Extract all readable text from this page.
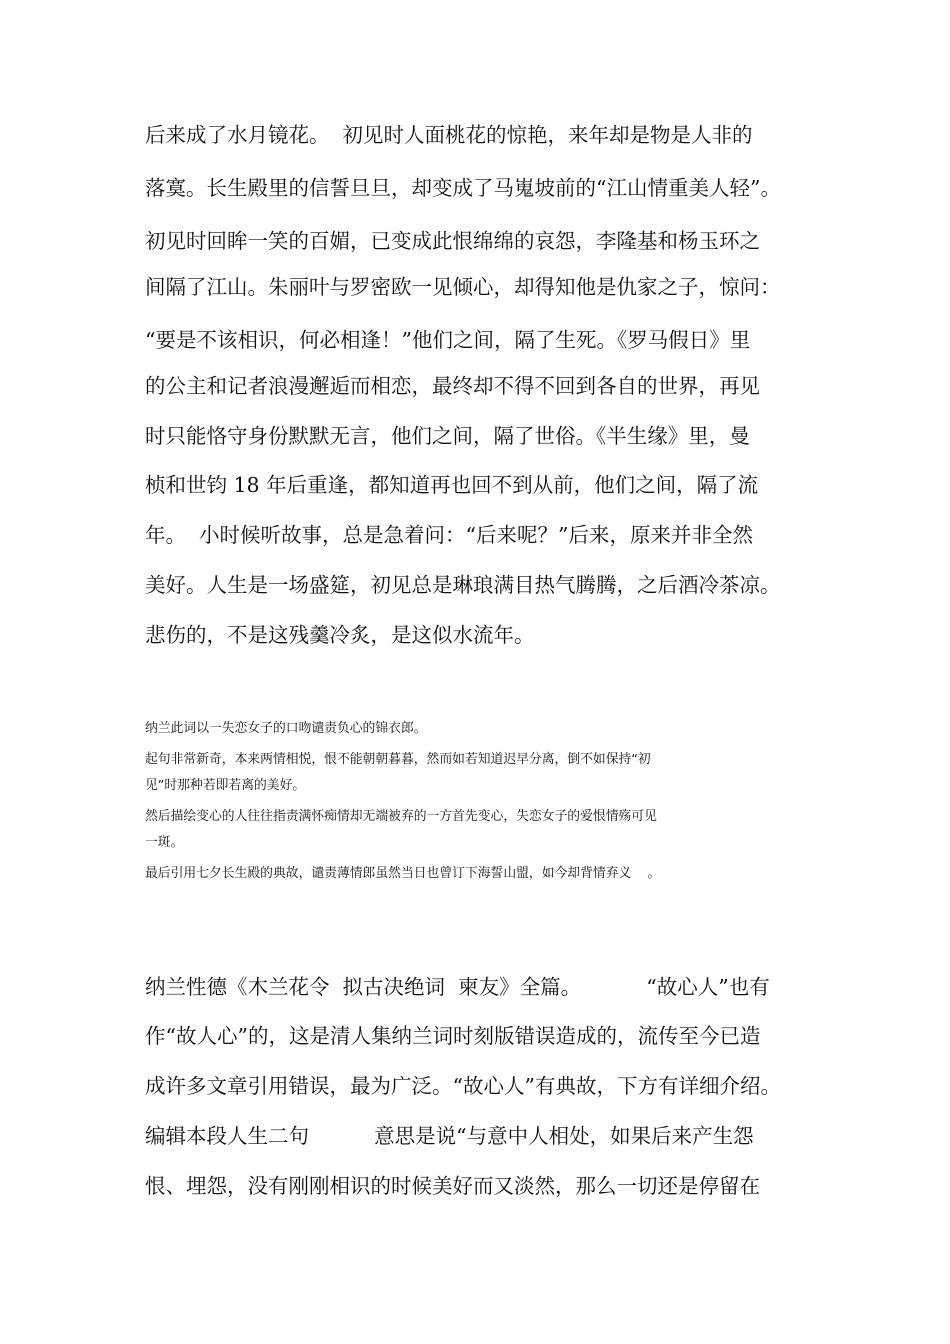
后来成了水月镜花。  初见时人面桃花的惊艳，来年却是物是人非的
落寞。长生殿里的信誓旦旦，却变成了马嵬坡前的“江山情重美人轻”。
初见时回眸一笑的百媚，已变成此恨绵绵的哀怨，李隆基和杨玉环之
间隔了江山。朱丽叶与罗密欧一见倾心，却得知他是仇家之子，惊问：
“要是不该相识，何必相逢！”他们之间，隔了生死。《罗马假日》里
的公主和记者浪漫邂逅而相恋，最终却不得不回到各自的世界，再见
时只能恪守身份默默无言，他们之间，隔了世俗。《半生缘》里，曼
桢和世钧 18 年后重逢，都知道再也回不到从前，他们之间，隔了流
年。  小时候听故事，总是急着问：“后来呢？”后来，原来并非全然
美好。人生是一场盛筵，初见总是琳琅满目热气腾腾，之后酒冷茶凉。
悲伤的，不是这残羹冷炙，是这似水流年。
纳兰此词以一失恋女子的口吻谴责负心的锦衣郎。
起句非常新奇，本来两情相悦，恨不能朝朝暮暮，然而如若知道迟早分离，倒不如保持“初
见”时那种若即若离的美好。
然后描绘变心的人往往指责满怀痴情却无端被弃的一方首先变心，失恋女子的爱恨情殇可见
一斑。
最后引用七夕长生殿的典故，谴责薄情郎虽然当日也曾订下海誓山盟，如今却背情弃义    。
纳兰性德《木兰花令  拟古决绝词  柬友》全篇。          “故心人”也有
作“故人心”的，这是清人集纳兰词时刻版错误造成的，流传至今已造
成许多文章引用错误，最为广泛。“故心人”有典故，下方有详细介绍。
编辑本段人生二句          意思是说“与意中人相处，如果后来产生怨
恨、埋怨，没有刚刚相识的时候美好而又淡然，那么一切还是停留在
